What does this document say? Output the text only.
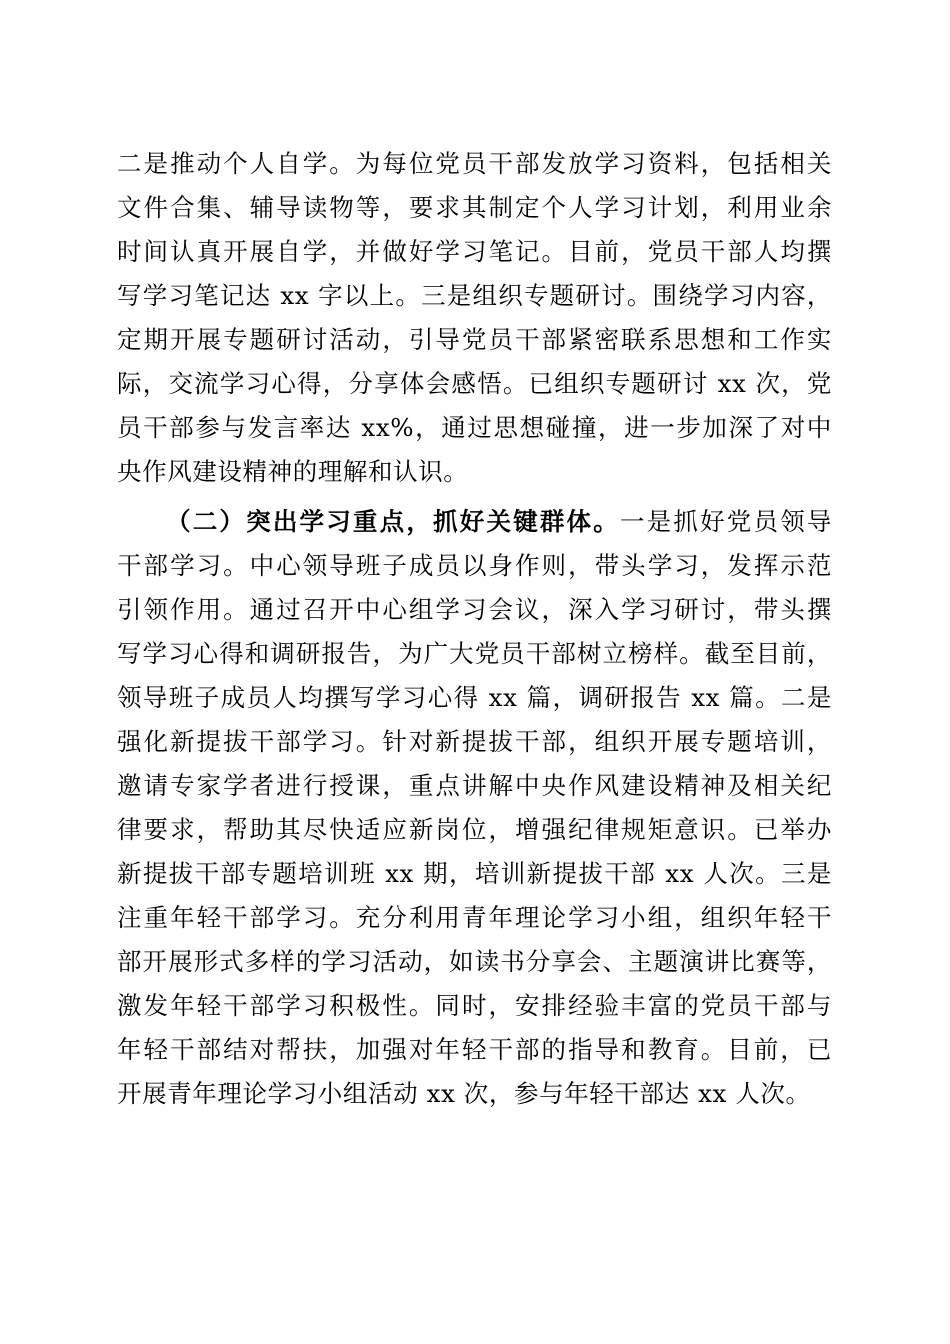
二是推动个人自学。为每位党员干部发放学习资料，包括相关
文件合集、辅导读物等，要求其制定个人学习计划，利用业余
时间认真开展自学，并做好学习笔记。目前，党员干部人均撰
写学习笔记达 xx 字以上。三是组织专题研讨。围绕学习内容，
定期开展专题研讨活动，引导党员干部紧密联系思想和工作实
际，交流学习心得，分享体会感悟。已组织专题研讨 xx 次，党
员干部参与发言率达 xx%，通过思想碰撞，进一步加深了对中
央作风建设精神的理解和认识。
（二）突出学习重点，抓好关键群体。一是抓好党员领导
干部学习。中心领导班子成员以身作则，带头学习，发挥示范
引领作用。通过召开中心组学习会议，深入学习研讨，带头撰
写学习心得和调研报告，为广大党员干部树立榜样。截至目前，
领导班子成员人均撰写学习心得 xx 篇，调研报告 xx 篇。二是
强化新提拔干部学习。针对新提拔干部，组织开展专题培训，
邀请专家学者进行授课，重点讲解中央作风建设精神及相关纪
律要求，帮助其尽快适应新岗位，增强纪律规矩意识。已举办
新提拔干部专题培训班 xx 期，培训新提拔干部 xx 人次。三是
注重年轻干部学习。充分利用青年理论学习小组，组织年轻干
部开展形式多样的学习活动，如读书分享会、主题演讲比赛等，
激发年轻干部学习积极性。同时，安排经验丰富的党员干部与
年轻干部结对帮扶，加强对年轻干部的指导和教育。目前，已
开展青年理论学习小组活动 xx 次，参与年轻干部达 xx 人次。
